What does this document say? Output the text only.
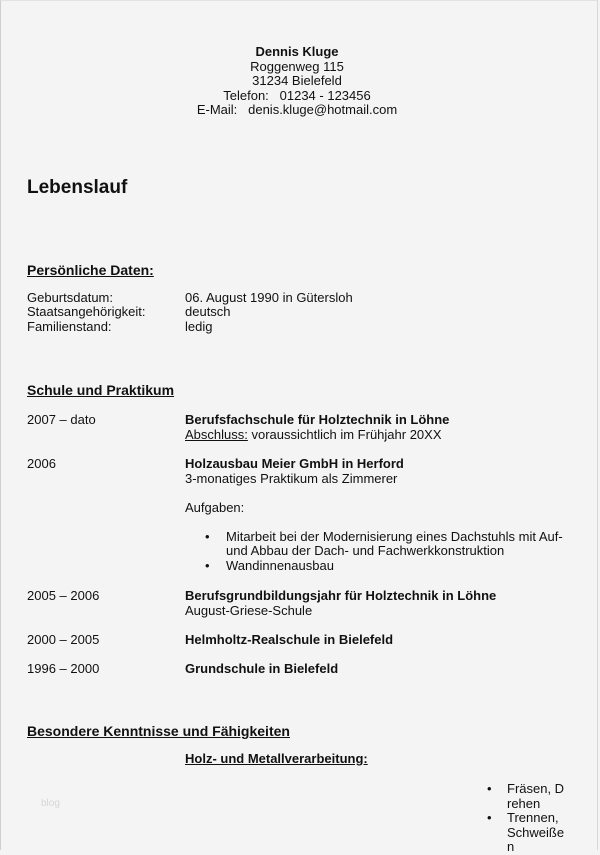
Dennis Kluge
Roggenweg 115
31234 Bielefeld
Telefon:   01234 - 123456
E-Mail:   denis.kluge@hotmail.com
Lebenslauf
Persönliche Daten:
Geburtsdatum:	06. August 1990 in Gütersloh
Staatsangehörigkeit:	deutsch
Familienstand:	ledig
Schule und Praktikum
2007 – dato	Berufsfachschule für Holztechnik in Löhne
Abschluss: voraussichtlich im Frühjahr 20XX
2006	Holzausbau Meier GmbH in Herford
3-monatiges Praktikum als Zimmerer
Aufgaben:
• Mitarbeit bei der Modernisierung eines Dachstuhls mit Auf- und Abbau der Dach- und Fachwerkkonstruktion
• Wandinnenausbau
2005 – 2006	Berufsgrundbildungsjahr für Holztechnik in Löhne
August-Griese-Schule
2000 – 2005	Helmholtz-Realschule in Bielefeld
1996 – 2000	Grundschule in Bielefeld
Besondere Kenntnisse und Fähigkeiten
Holz- und Metallverarbeitung:
• Fräsen, Drehen
• Trennen, Schweißen
blog
